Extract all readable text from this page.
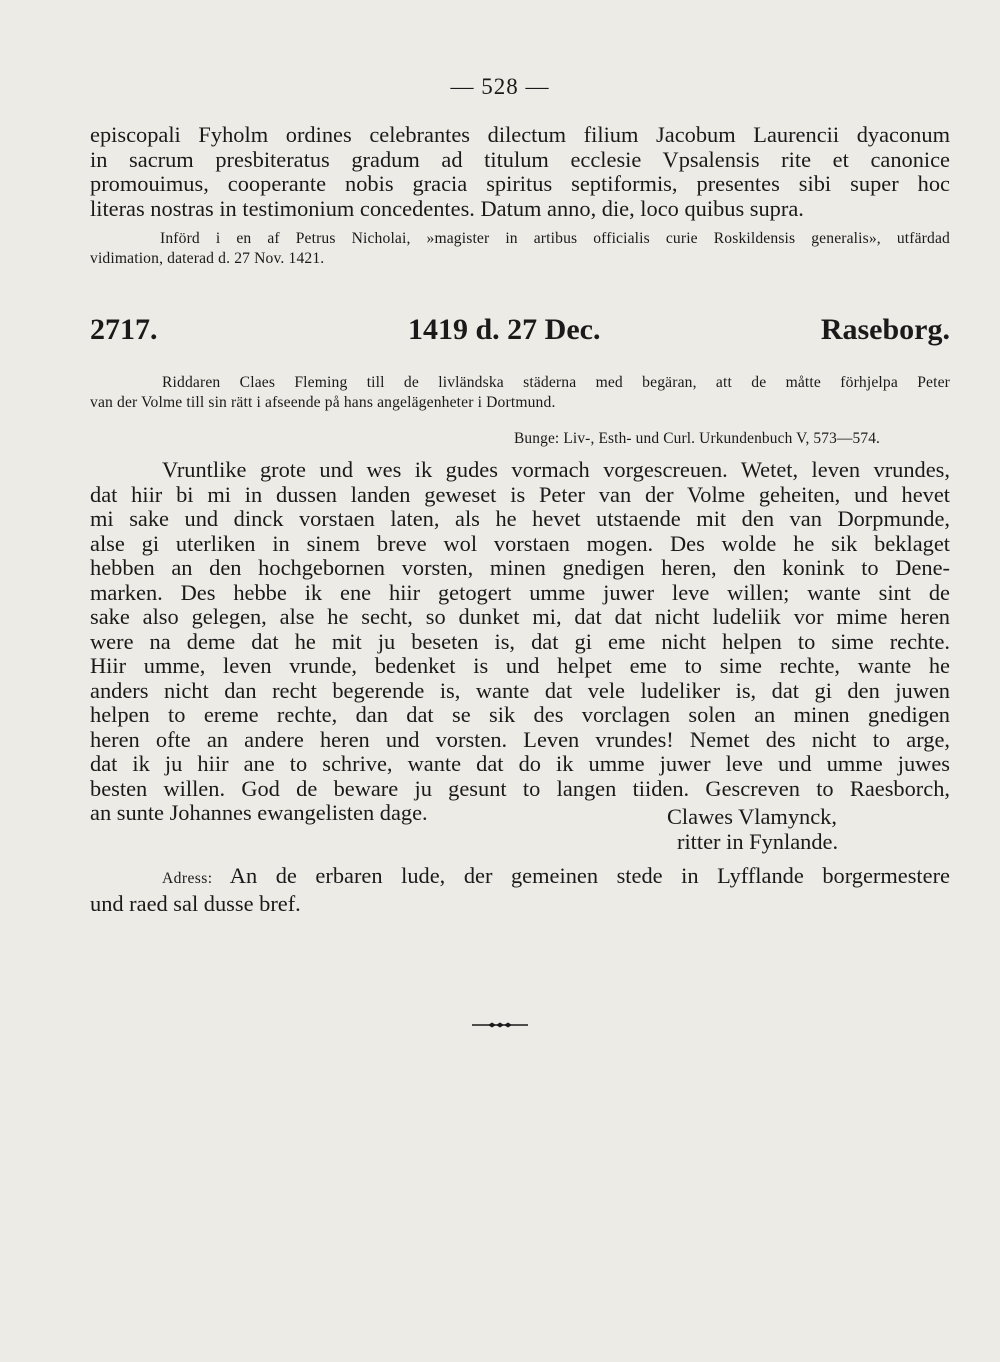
— 528 —

episcopali Fyholm ordines celebrantes dilectum filium Jacobum Laurencii dyaconum

in sacrum presbiteratus gradum ad titulum ecclesie Vpsalensis rite et canonice

promouimus, cooperante nobis gracia spiritus septiformis, presentes sibi super hoc

literas nostras in testimonium concedentes. Datum anno, die, loco quibus supra.

Införd i en af Petrus Nicholai, »magister in artibus officialis curie Roskildensis generalis», utfärdad

vidimation, daterad d. 27 Nov. 1421.

2717.	1419 d. 27 Dec.	Raseborg.

Riddaren Claes Fleming till de livländska städerna med begäran, att de måtte förhjelpa Peter

van der Volme till sin rätt i afseende på hans angelägenheter i Dortmund.

Bunge: Liv-, Esth- und Curl. Urkundenbuch V, 573—574.

Vruntlike grote und wes ik gudes vormach vorgescreuen. Wetet, leven vrundes,

dat hiir bi mi in dussen landen geweset is Peter van der Volme geheiten, und hevet

mi sake und dinck vorstaen laten, als he hevet utstaende mit den van Dorpmunde,

alse gi uterliken in sinem breve wol vorstaen mogen. Des wolde he sik beklaget

hebben an den hochgebornen vorsten, minen gnedigen heren, den konink to Dene-

marken. Des hebbe ik ene hiir getogert umme juwer leve willen; wante sint de

sake also gelegen, alse he secht, so dunket mi, dat dat nicht ludeliik vor mime heren

were na deme dat he mit ju beseten is, dat gi eme nicht helpen to sime rechte.

Hiir umme, leven vrunde, bedenket is und helpet eme to sime rechte, wante he

anders nicht dan recht begerende is, wante dat vele ludeliker is, dat gi den juwen

helpen to ereme rechte, dan dat se sik des vorclagen solen an minen gnedigen

heren ofte an andere heren und vorsten. Leven vrundes! Nemet des nicht to arge,

dat ik ju hiir ane to schrive, wante dat do ik umme juwer leve und umme juwes

besten willen. God de beware ju gesunt to langen tiiden. Gescreven to Raesborch,

an sunte Johannes ewangelisten dage.	Clawes Vlamynck,
ritter in Fynlande.
Adress: An de erbaren lude, der gemeinen stede in Lyfflande borgermestere
und raed sal dusse bref.
